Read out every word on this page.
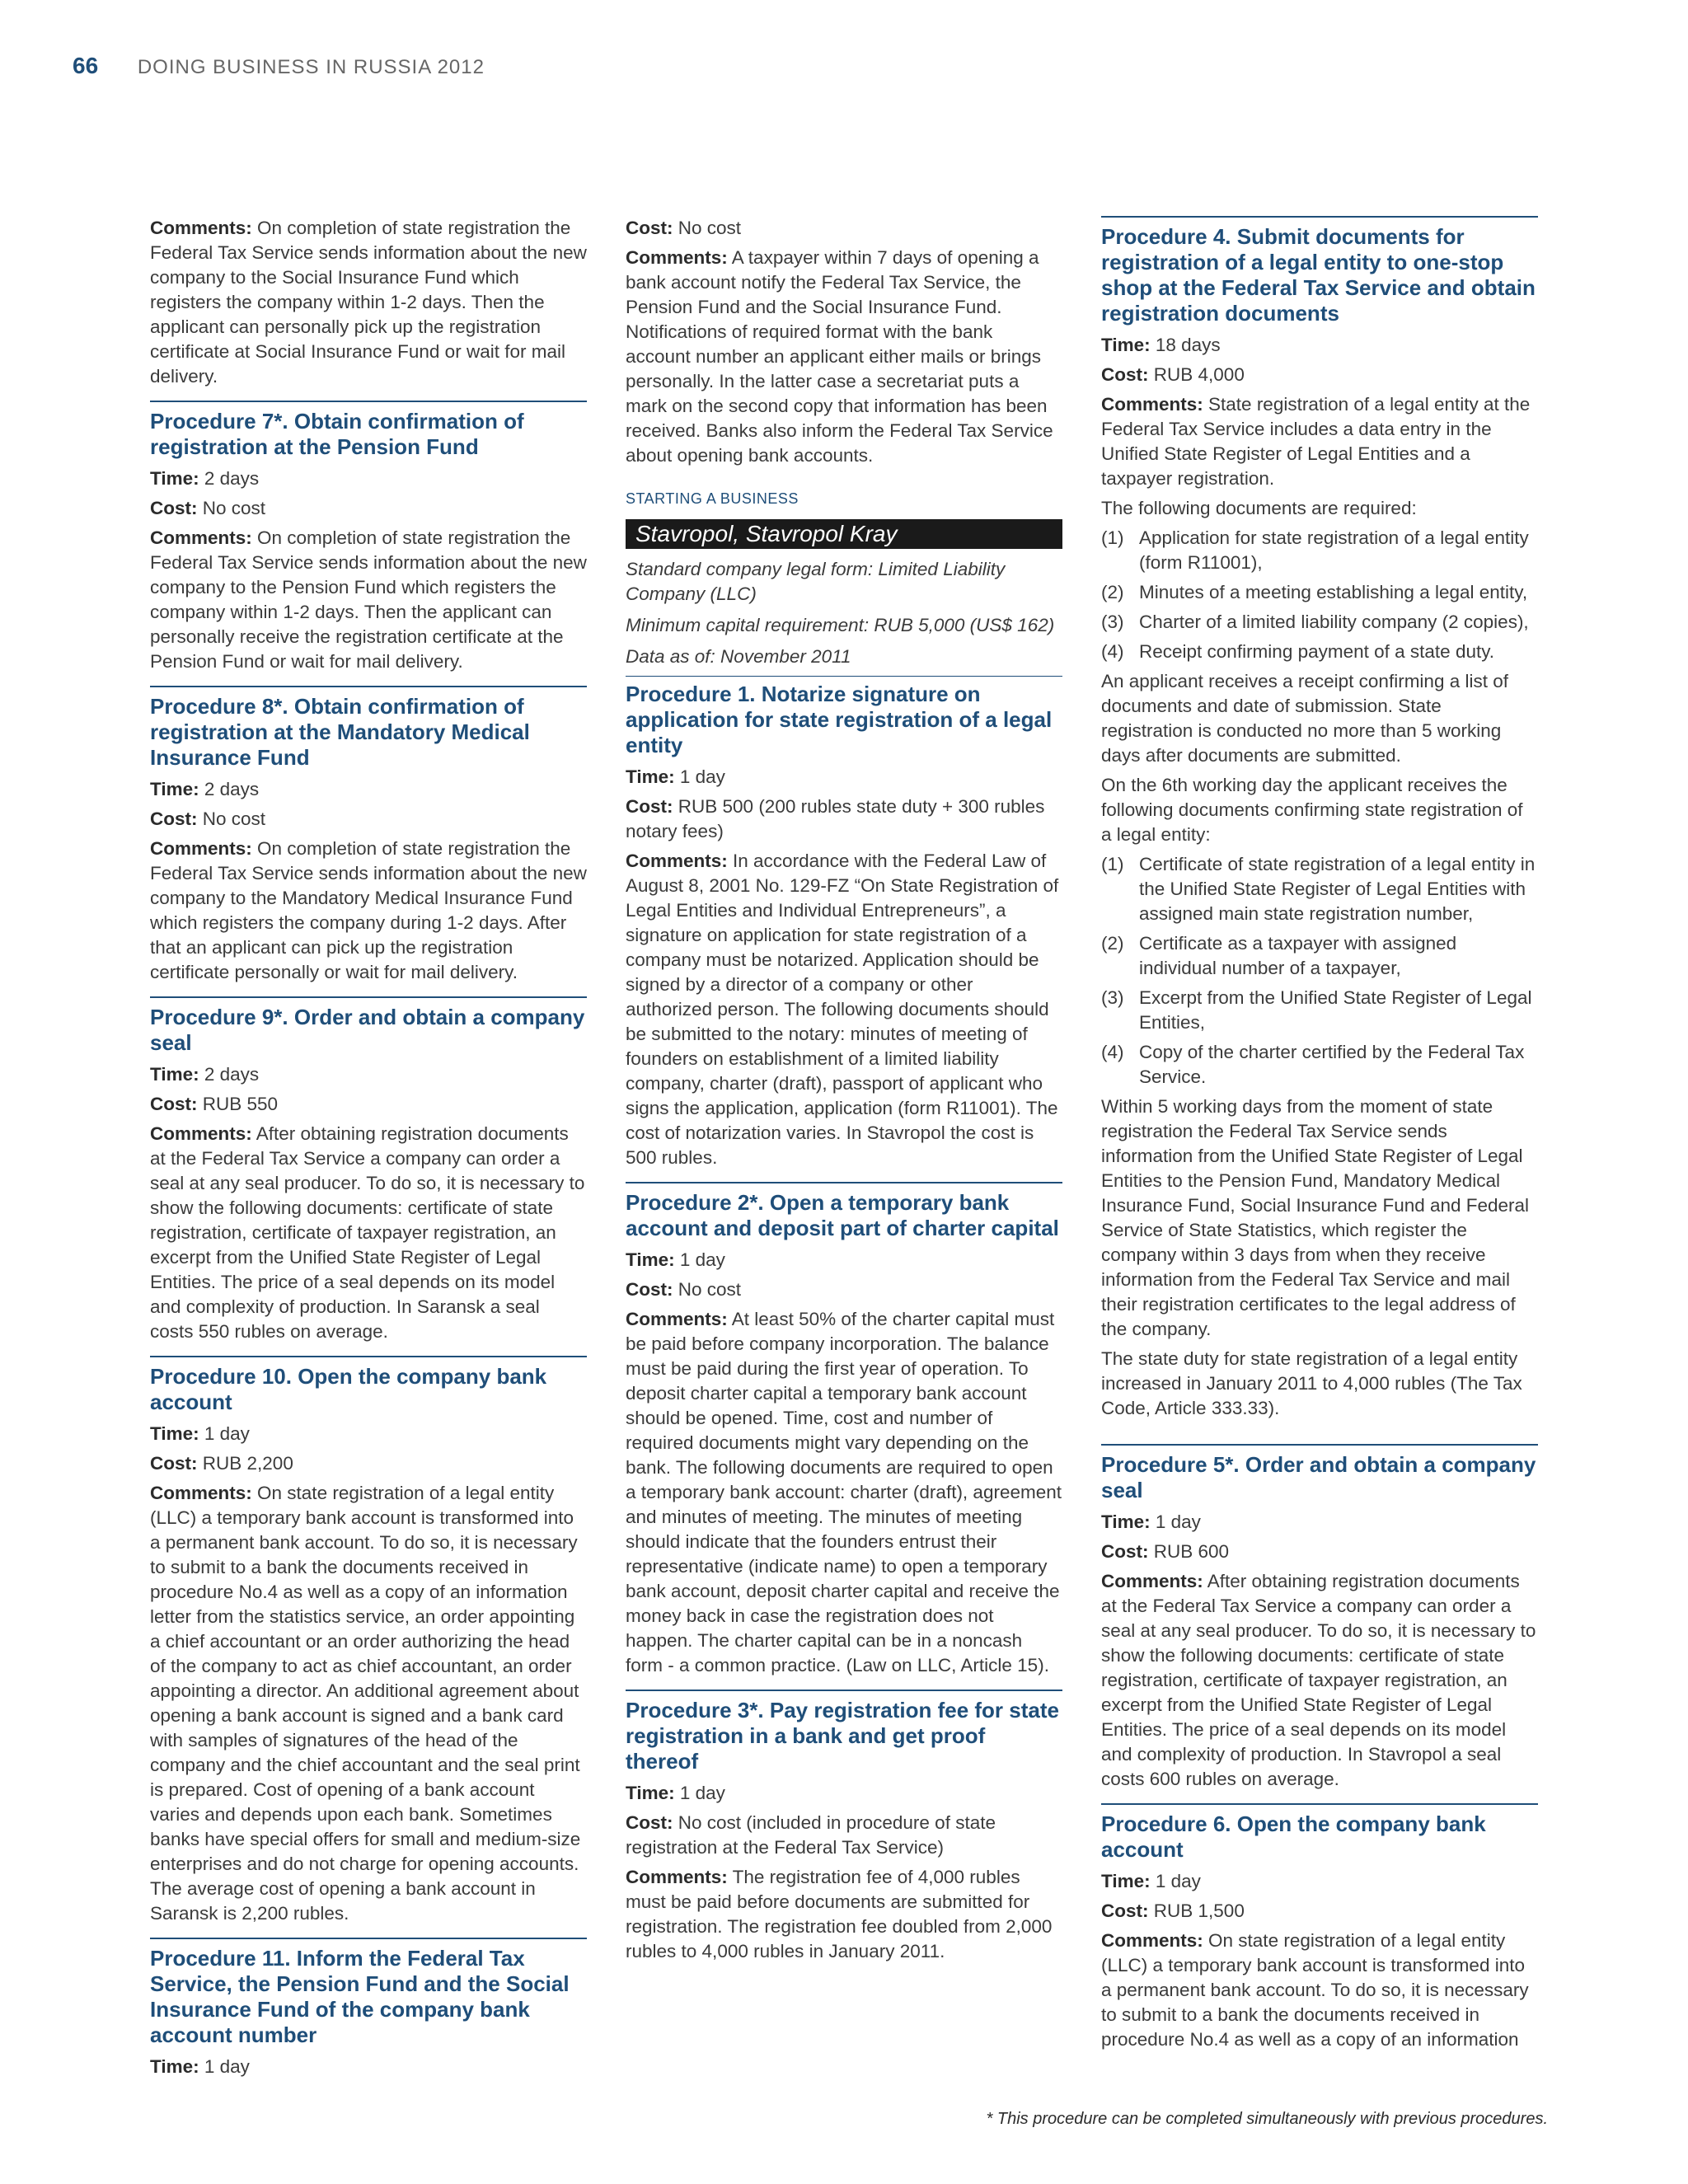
66 DOING BUSINESS IN RUSSIA 2012

Comments: On completion of state registration the Federal Tax Service sends information about the new company to the Social Insurance Fund which registers the company within 1-2 days. Then the applicant can personally pick up the registration certificate at Social Insurance Fund or wait for mail delivery.

Procedure 7*. Obtain confirmation of registration at the Pension Fund

Time: 2 days

Cost: No cost

Comments: On completion of state registration the Federal Tax Service sends information about the new company to the Pension Fund which registers the company within 1-2 days. Then the applicant can personally receive the registration certificate at the Pension Fund or wait for mail delivery.

Procedure 8*. Obtain confirmation of registration at the Mandatory Medical Insurance Fund

Time: 2 days

Cost: No cost

Comments: On completion of state registration the Federal Tax Service sends information about the new company to the Mandatory Medical Insurance Fund which registers the company during 1-2 days. After that an applicant can pick up the registration certificate personally or wait for mail delivery.

Procedure 9*. Order and obtain a company seal

Time: 2 days

Cost: RUB 550

Comments: After obtaining registration documents at the Federal Tax Service a company can order a seal at any seal producer. To do so, it is necessary to show the following documents: certificate of state registration, certificate of taxpayer registration, an excerpt from the Unified State Register of Legal Entities. The price of a seal depends on its model and complexity of production. In Saransk a seal costs 550 rubles on average.

Procedure 10. Open the company bank account

Time: 1 day

Cost: RUB 2,200

Comments: On state registration of a legal entity (LLC) a temporary bank account is transformed into a permanent bank account. To do so, it is necessary to submit to a bank the documents received in procedure No.4 as well as a copy of an information letter from the statistics service, an order appointing a chief accountant or an order authorizing the head of the company to act as chief accountant, an order appointing a director. An additional agreement about opening a bank account is signed and a bank card with samples of signatures of the head of the company and the chief accountant and the seal print is prepared. Cost of opening of a bank account varies and depends upon each bank. Sometimes banks have special offers for small and medium-size enterprises and do not charge for opening accounts. The average cost of opening a bank account in Saransk is 2,200 rubles.

Procedure 11. Inform the Federal Tax Service, the Pension Fund and the Social Insurance Fund of the company bank account number

Time: 1 day

Cost: No cost

Comments: A taxpayer within 7 days of opening a bank account notify the Federal Tax Service, the Pension Fund and the Social Insurance Fund. Notifications of required format with the bank account number an applicant either mails or brings personally. In the latter case a secretariat puts a mark on the second copy that information has been received. Banks also inform the Federal Tax Service about opening bank accounts.

STARTING A BUSINESS
Stavropol, Stavropol Kray

Standard company legal form: Limited Liability Company (LLC)

Minimum capital requirement: RUB 5,000 (US$ 162)

Data as of: November 2011

Procedure 1. Notarize signature on application for state registration of a legal entity

Time: 1 day

Cost: RUB 500 (200 rubles state duty + 300 rubles notary fees)

Comments: In accordance with the Federal Law of August 8, 2001 No. 129-FZ “On State Registration of Legal Entities and Individual Entrepreneurs”, a signature on application for state registration of a company must be notarized. Application should be signed by a director of a company or other authorized person. The following documents should be submitted to the notary: minutes of meeting of founders on establishment of a limited liability company, charter (draft), passport of applicant who signs the application, application (form R11001). The cost of notarization varies. In Stavropol the cost is 500 rubles.

Procedure 2*. Open a temporary bank account and deposit part of charter capital

Time: 1 day

Cost: No cost

Comments: At least 50% of the charter capital must be paid before company incorporation. The balance must be paid during the first year of operation. To deposit charter capital a temporary bank account should be opened. Time, cost and number of required documents might vary depending on the bank. The following documents are required to open a temporary bank account: charter (draft), agreement and minutes of meeting. The minutes of meeting should indicate that the founders entrust their representative (indicate name) to open a temporary bank account, deposit charter capital and receive the money back in case the registration does not happen. The charter capital can be in a noncash form - a common practice. (Law on LLC, Article 15).

Procedure 3*. Pay registration fee for state registration in a bank and get proof thereof

Time: 1 day

Cost: No cost (included in procedure of state registration at the Federal Tax Service)

Comments: The registration fee of 4,000 rubles must be paid before documents are submitted for registration. The registration fee doubled from 2,000 rubles to 4,000 rubles in January 2011.

Procedure 4. Submit documents for registration of a legal entity to one-stop shop at the Federal Tax Service and obtain registration documents

Time: 18 days

Cost: RUB 4,000

Comments: State registration of a legal entity at the Federal Tax Service includes a data entry in the Unified State Register of Legal Entities and a taxpayer registration.

The following documents are required:

(1) Application for state registration of a legal entity (form R11001),
(2) Minutes of a meeting establishing a legal entity,
(3) Charter of a limited liability company (2 copies),
(4) Receipt confirming payment of a state duty.

An applicant receives a receipt confirming a list of documents and date of submission. State registration is conducted no more than 5 working days after documents are submitted.

On the 6th working day the applicant receives the following documents confirming state registration of a legal entity:

(1) Certificate of state registration of a legal entity in the Unified State Register of Legal Entities with assigned main state registration number,
(2) Certificate as a taxpayer with assigned individual number of a taxpayer,
(3) Excerpt from the Unified State Register of Legal Entities,
(4) Copy of the charter certified by the Federal Tax Service.

Within 5 working days from the moment of state registration the Federal Tax Service sends information from the Unified State Register of Legal Entities to the Pension Fund, Mandatory Medical Insurance Fund, Social Insurance Fund and Federal Service of State Statistics, which register the company within 3 days from when they receive information from the Federal Tax Service and mail their registration certificates to the legal address of the company.

The state duty for state registration of a legal entity increased in January 2011 to 4,000 rubles (The Tax Code, Article 333.33).

Procedure 5*. Order and obtain a company seal

Time: 1 day

Cost: RUB 600

Comments: After obtaining registration documents at the Federal Tax Service a company can order a seal at any seal producer. To do so, it is necessary to show the following documents: certificate of state registration, certificate of taxpayer registration, an excerpt from the Unified State Register of Legal Entities. The price of a seal depends on its model and complexity of production. In Stavropol a seal costs 600 rubles on average.

Procedure 6. Open the company bank account

Time: 1 day

Cost: RUB 1,500

Comments: On state registration of a legal entity (LLC) a temporary bank account is transformed into a permanent bank account. To do so, it is necessary to submit to a bank the documents received in procedure No.4 as well as a copy of an information

* This procedure can be completed simultaneously with previous procedures.
